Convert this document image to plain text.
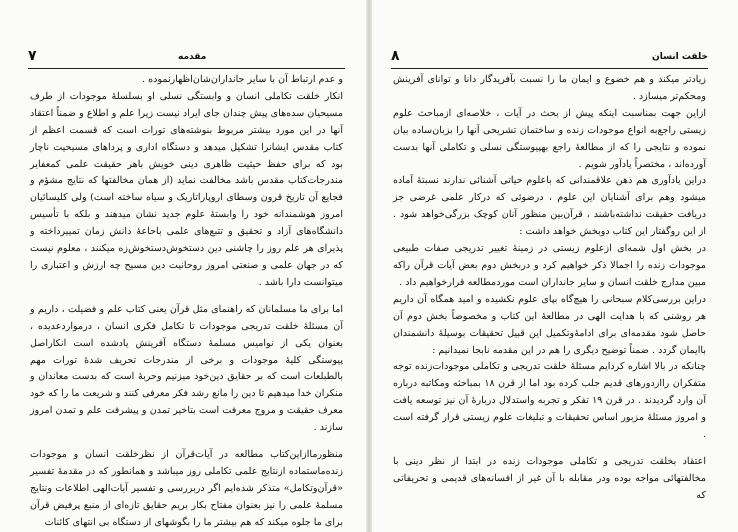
۷	مقدمه

و عدم ارتباط آن با سایر جانداران‌شان‌اظهار‌نموده .

انکار خلقت تکاملی انسان و وابستگی نسلی او بسلسلهٔ موجودات از طرف مسیحیان سده‌های پیش چندان جای ایراد نیست زیرا علم و اطلاع و ضمناً اعتقاد آنها در این مورد بیشتر مربوط بنوشته‌های تورات است که قسمت اعظم از کتاب مقدس ایشانرا تشکیل میدهد و دستگاه اداری و پرداهای مسیحیت ناچار بود که برای حفظ حیثیت ظاهری دینی خویش باهر حقیقت علمی کمعفایر مندرجات‌کتاب مقدس باشد مخالفت نماید (از همان مخالفتها که نتایج مشؤم و فجایع آن تاریخ قرون وسطای اروپارا‌تاریک و سیاه ساخته است) ولی کلیسائیان امروز هوشمندانه خود را وابستهٔ علوم جدید نشان میدهند و بلکه با تأسیس دانشگاه‌های آزاد و تحقیق و تتبع‌های علمی باحاعهٔ دانش زمان تمییر‌داخته و پذیرای هر علم روز را چاشنی دین دستخوش‌دستخوش‌زه میکنند ، معلوم نیست که در جهان علمی و صنعتی امروز روحانیت دین مسیح چه ارزش و اعتباری را میتوانست دارا باشد .

اما برای ما مسلمانان که راهنمای مثل قرآن یعنی کتاب علم و فضیلت ، داریم و آن مسئلهٔ خلقت تدریجی موجودات تا تکامل فکری انسان ، درمواردعدیده ، بعنوان یکی از نوامیس مسلمهٔ دستگاه آفرینش یادشده است انکاراصل پیوستگی کلیهٔ موجودات و برخی از مندرجات تحریف شدهٔ تورات مهم بالطبلعات است که بر حقایق دین‌خود میزنیم وحربهٔ است که بدست معاندان و منکران خدا میدهیم تا دین را مانع رشد فکر معرفی کنند و شریعت ما را که خود معرف حقیقت و مروج معرفت است بتاخیر تمدن و پیشرفت علم و تمدن امروز سازند .

منظور‌ما‌از‌این‌کتاب مطالعه در آیات‌قرآن از نظرخلقت انسان و موجودات زنده‌ماستماده ازنتایج علمی تکاملی روز میباشد و همانطور که در مقدمهٔ تفسیر «قرآن‌وتکامل» متذکر شده‌ایم اگر دربررسی و تفسیر آیات‌الهی اطلاعات ونتایج مسلمهٔ علمی را نیز بعنوان مفتاح بکار بریم حقایق تازه‌ای از منبع پرفیض قرآن برای ما جلوه میکند که هم بیشتر ما را بگوشهای از دستگاه بی انتهای کائنات

۸	خلقت انسان

زیادتر میکند و هم خضوع و ایمان ما را نسبت بآفریدگار دانا و توانای آفرینش ومحکم‌تر میسازد .

ازاین جهت بمناسبت اینکه پیش از بحث در آیات ، خلاصه‌ای ازمباحث علوم زیستی راجع‌به انواع موجودات زنده و ساختمان تشریحی آنها را بزبان‌ساده بیان نموده و نتایجی را که از مطالعهٔ راجع بهپیوستگی نسلی و تکاملی آنها بدست آورده‌اند ، مختصراً یادآور شویم .

دراین یادآوری هم ذهن علاقمندانی که باعلوم حیاتی آشنائی ندارند نسبتهٔ آماده میشود وهم برای آشنایان این علوم ، در‌ضوئی که درکار علمی غرضی جز دریافت حقیقت نداشته‌باشند ، قرآن‌بین منظور آنان کوچک بزرگی‌خواهد شود . از این روگفتار این کتاب دوبخش خواهد داشت :

در بخش اول شمه‌ای ازعلوم زیستی در زمینهٔ تغییر تدریجی صفات طبیعی موجودات زنده را اجمالا ذکر خواهیم کرد و دربخش دوم بعض آیات قرآن راکه مبین مدارج خلقت انسان و سایر جانداران است موردمطالعه قرارخواهیم داد .

دراین بررسی‌کلام سبحانی را هیچ‌گاه بپای علوم نکشیده و امید همگاه آن داریم هر روشنی که با هدایت الهی در مطالعهٔ این کتاب و مخصوصاً بخش دوم آن حاصل شود مقدمه‌ای برای ادامهٔ‌وتکمیل این قبیل تحقیقات بوسیلهٔ دانشمندان باایمان گردد . ضمناً توضیح دیگری را هم در این مقدمه نابجا نمیدانیم :

چنانکه در بالا اشاره کردایم مسئلهٔ خلقت تدریجی و تکاملی موجودات‌زنده توجه متفکران را‌ازدورهای قدیم جلب کرده بود اما از قرن ۱۸ بمباحثه ومکاتبه درباره آن وارد گردیدند . در قرن ۱۹ تفکر و تجربه واستدلال دربارهٔ آن نیز توسعه یافت و امروز مسئلهٔ مزبور اساس تحقیقات و تبلیغات علوم زیستی قرار گرفته است .

اعتقاد بخلقت تدریجی و تکاملی موجودات زنده در ابتدا از نظر دینی با مخالفتهائی مواجه بوده ودر مقابله با آن غیر از افسانه‌های قدیمی و تحریفاتی که
